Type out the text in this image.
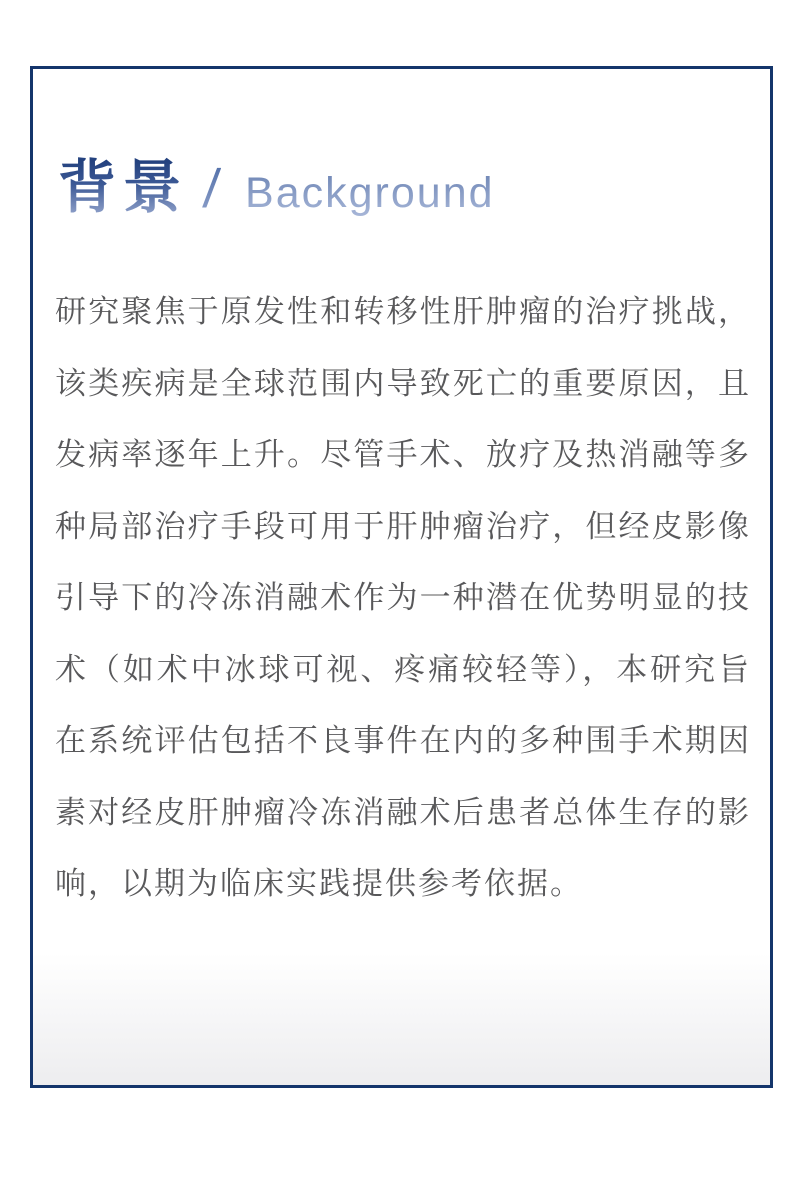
背景 / Background

研究聚焦于原发性和转移性肝肿瘤的治疗挑战，该类疾病是全球范围内导致死亡的重要原因，且发病率逐年上升。尽管手术、放疗及热消融等多种局部治疗手段可用于肝肿瘤治疗，但经皮影像引导下的冷冻消融术作为一种潜在优势明显的技术（如术中冰球可视、疼痛较轻等），本研究旨在系统评估包括不良事件在内的多种围手术期因素对经皮肝肿瘤冷冻消融术后患者总体生存的影响，以期为临床实践提供参考依据。
